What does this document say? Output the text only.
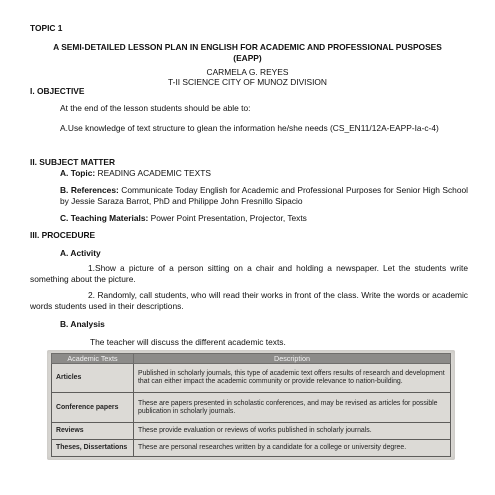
TOPIC 1
A SEMI-DETAILED LESSON PLAN IN ENGLISH FOR ACADEMIC AND PROFESSIONAL PUSPOSES
(EAPP)
CARMELA G. REYES
T-II SCIENCE CITY OF MUNOZ DIVISION
I. OBJECTIVE
At the end of the lesson students should be able to:
A.Use knowledge of text structure to glean the information he/she needs (CS_EN11/12A-EAPP-Ia-c-4)
II. SUBJECT MATTER
A. Topic: READING ACADEMIC TEXTS
B. References: Communicate Today English for Academic and Professional Purposes for Senior High School by Jessie Saraza Barrot, PhD and Philippe John Fresnillo Sipacio
C. Teaching Materials: Power Point Presentation, Projector, Texts
III. PROCEDURE
A. Activity
1.Show a picture of a person sitting on a chair and holding a newspaper. Let the students write something about the picture.
2. Randomly, call students, who will read their works in front of the class. Write the words or academic words students used in their descriptions.
B. Analysis
The teacher will discuss the different academic texts.
Academic Texts	Description
Articles	Published in scholarly journals, this type of academic text offers results of research and development that can either impact the academic community or provide relevance to nation-building.
Conference papers	These are papers presented in scholastic conferences, and may be revised as articles for possible publication in scholarly journals.
Reviews	These provide evaluation or reviews of works published in scholarly journals.
Theses, Dissertations	These are personal researches written by a candidate for a college or university degree.
